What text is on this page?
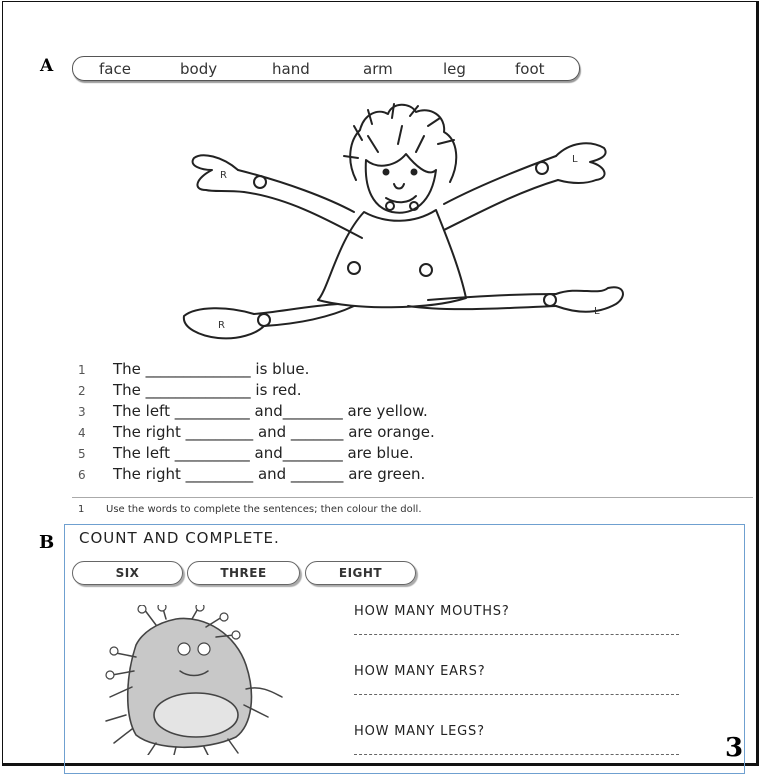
A	face	body	hand	arm	leg	foot
R
L
R
L
1 The ______________ is blue.
2 The ______________ is red.
3 The left __________ and________ are yellow.
4 The right _________ and _______ are orange.
5 The left __________ and________ are blue.
6 The right _________ and _______ are green.
1 Use the words to complete the sentences; then colour the doll.
B COUNT AND COMPLETE.
SIX	THREE	EIGHT
HOW MANY MOUTHS?
HOW MANY EARS?
HOW MANY LEGS?
3
